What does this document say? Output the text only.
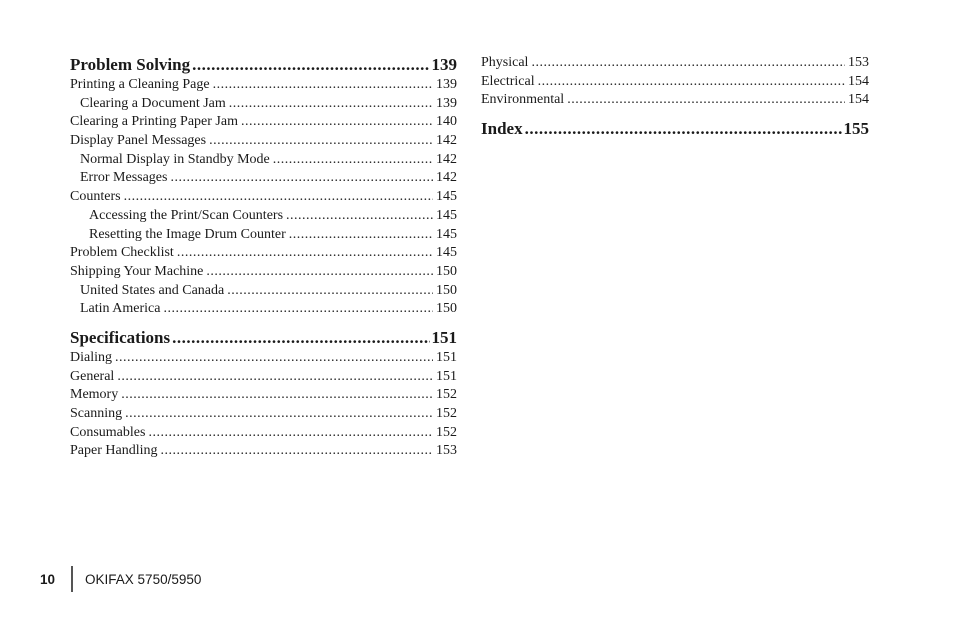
Problem Solving .....	139
Printing a Cleaning Page .....	139
Clearing a Document Jam .....	139
Clearing a Printing Paper Jam .....	140
Display Panel Messages .....	142
Normal Display in Standby Mode .....	142
Error Messages .....	142
Counters .....	145
Accessing the Print/Scan Counters .....	145
Resetting the Image Drum Counter .....	145
Problem Checklist .....	145
Shipping Your Machine .....	150
United States and Canada .....	150
Latin America .....	150
Specifications .....	151
Dialing .....	151
General .....	151
Memory .....	152
Scanning .....	152
Consumables .....	152
Paper Handling .....	153
Physical .....	153
Electrical .....	154
Environmental .....	154
Index .....	155
10 OKIFAX 5750/5950
